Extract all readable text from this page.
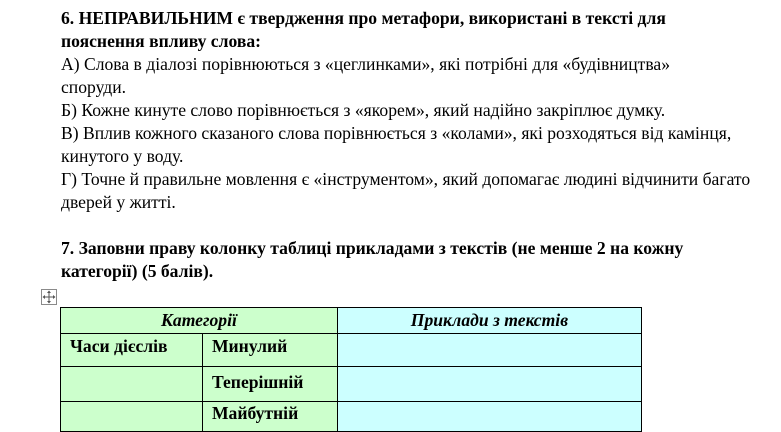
6. НЕПРАВИЛЬНИМ є твердження про метафори, використані в тексті для
пояснення впливу слова:
А) Слова в діалозі порівнюються з «цеглинками», які потрібні для «будівництва»
споруди.
Б) Кожне кинуте слово порівнюється з «якорем», який надійно закріплює думку.
В) Вплив кожного сказаного слова порівнюється з «колами», які розходяться від камінця,
кинутого у воду.
Г) Точне й правильне мовлення є «інструментом», який допомагає людині відчинити багато
дверей у житті.
7. Заповни праву колонку таблиці прикладами з текстів (не менше 2 на кожну
категорії) (5 балів).
Категорії		Приклади з текстів
Часи дієслів	Минулий	
	Теперішній	
	Майбутній	
